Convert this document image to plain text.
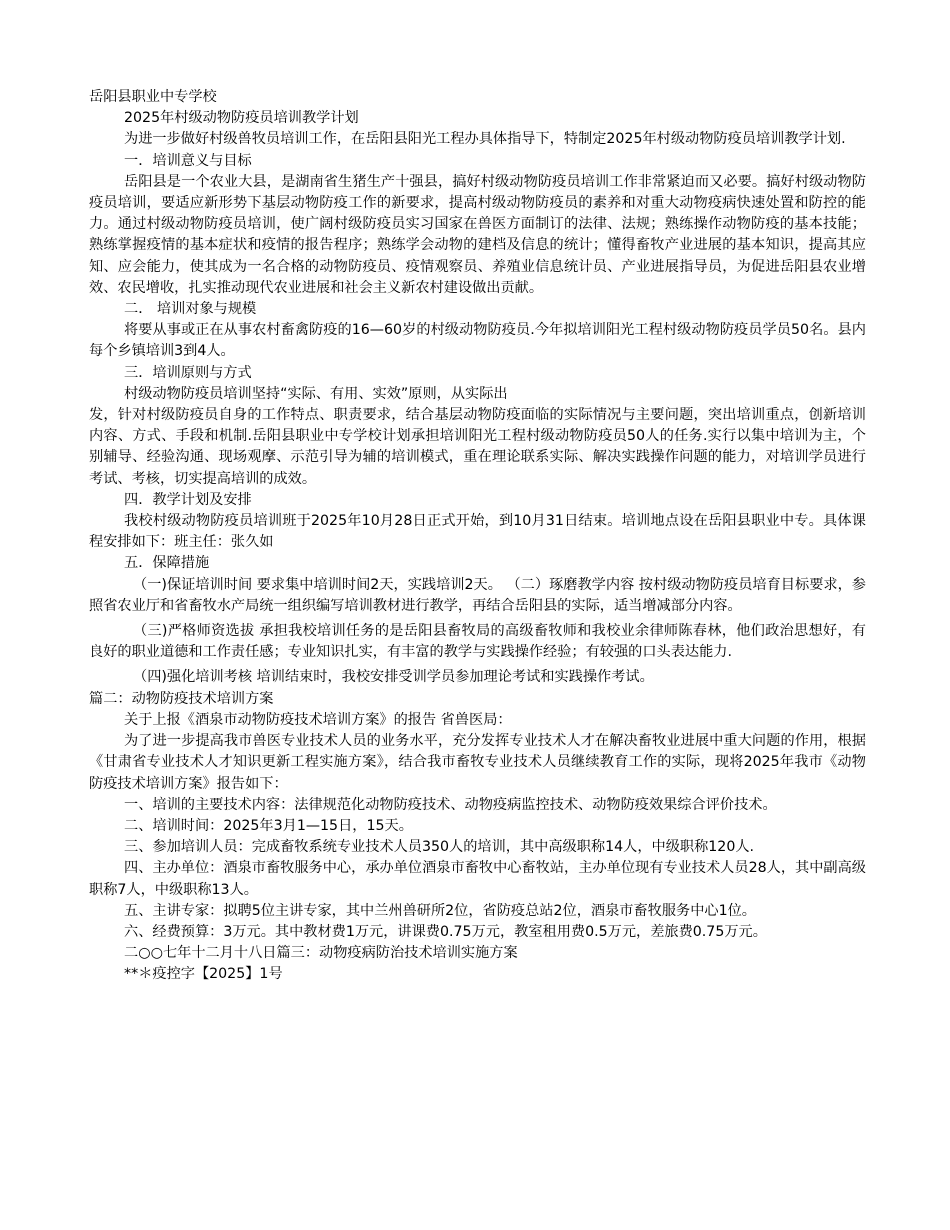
岳阳县职业中专学校

2025年村级动物防疫员培训教学计划

为进一步做好村级兽牧员培训工作，在岳阳县阳光工程办具体指导下，特制定2025年村级动物防疫员培训教学计划.

一．培训意义与目标

岳阳县是一个农业大县，是湖南省生猪生产十强县，搞好村级动物防疫员培训工作非常紧迫而又必要。搞好村级动物防疫员培训，要适应新形势下基层动物防疫工作的新要求，提高村级动物防疫员的素养和对重大动物疫病快速处置和防控的能力。通过村级动物防疫员培训，使广阔村级防疫员实习国家在兽医方面制订的法律、法规；熟练操作动物防疫的基本技能；熟练掌握疫情的基本症状和疫情的报告程序；熟练学会动物的建档及信息的统计；懂得畜牧产业进展的基本知识，提高其应知、应会能力，使其成为一名合格的动物防疫员、疫情观察员、养殖业信息统计员、产业进展指导员，为促进岳阳县农业增效、农民增收，扎实推动现代农业进展和社会主义新农村建设做出贡献。

二． 培训对象与规模

将要从事或正在从事农村畜禽防疫的16—60岁的村级动物防疫员.今年拟培训阳光工程村级动物防疫员学员50名。县内每个乡镇培训3到4人。

三．培训原则与方式

村级动物防疫员培训坚持“实际、有用、实效”原则，从实际出

发，针对村级防疫员自身的工作特点、职责要求，结合基层动物防疫面临的实际情况与主要问题，突出培训重点，创新培训内容、方式、手段和机制.岳阳县职业中专学校计划承担培训阳光工程村级动物防疫员50人的任务.实行以集中培训为主，个别辅导、经验沟通、现场观摩、示范引导为辅的培训模式，重在理论联系实际、解决实践操作问题的能力，对培训学员进行考试、考核，切实提高培训的成效。

四．教学计划及安排

我校村级动物防疫员培训班于2025年10月28日正式开始，到10月31日结束。培训地点设在岳阳县职业中专。具体课程安排如下：班主任：张久如

五．保障措施

（一)保证培训时间 要求集中培训时间2天，实践培训2天。 （二）琢磨教学内容 按村级动物防疫员培育目标要求，参照省农业厅和省畜牧水产局统一组织编写培训教材进行教学，再结合岳阳县的实际，适当增减部分内容。

（三)严格师资选拔 承担我校培训任务的是岳阳县畜牧局的高级畜牧师和我校业余律师陈春林，他们政治思想好，有良好的职业道德和工作责任感；专业知识扎实，有丰富的教学与实践操作经验；有较强的口头表达能力.

（四)强化培训考核 培训结束时，我校安排受训学员参加理论考试和实践操作考试。

篇二：动物防疫技术培训方案

关于上报《酒泉市动物防疫技术培训方案》的报告 省兽医局：

为了进一步提高我市兽医专业技术人员的业务水平，充分发挥专业技术人才在解决畜牧业进展中重大问题的作用，根据《甘肃省专业技术人才知识更新工程实施方案》，结合我市畜牧专业技术人员继续教育工作的实际，现将2025年我市《动物防疫技术培训方案》报告如下：

一、培训的主要技术内容：法律规范化动物防疫技术、动物疫病监控技术、动物防疫效果综合评价技术。

二、培训时间：2025年3月1—15日，15天。

三、参加培训人员：完成畜牧系统专业技术人员350人的培训，其中高级职称14人，中级职称120人.

四、主办单位：酒泉市畜牧服务中心，承办单位酒泉市畜牧中心畜牧站，主办单位现有专业技术人员28人，其中副高级职称7人，中级职称13人。

五、主讲专家：拟聘5位主讲专家，其中兰州兽研所2位，省防疫总站2位，酒泉市畜牧服务中心1位。

六、经费预算：3万元。其中教材费1万元，讲课费0.75万元，教室租用费0.5万元，差旅费0.75万元。

二○○七年十二月十八日篇三：动物疫病防治技术培训实施方案

**＊疫控字【2025】1号
